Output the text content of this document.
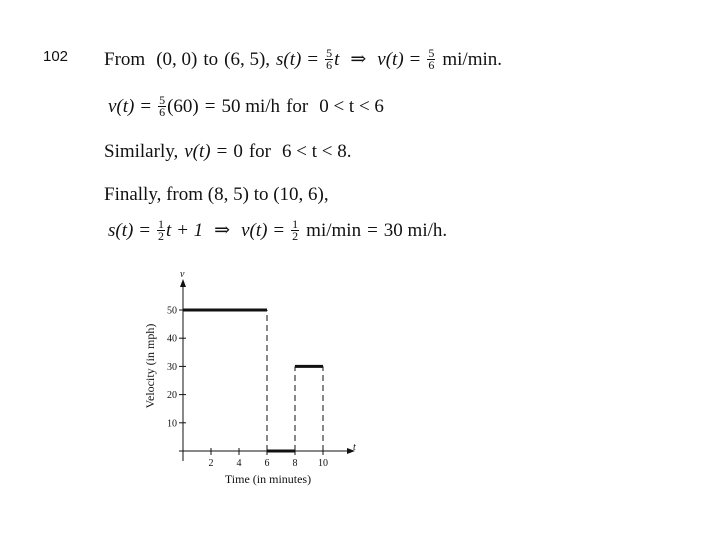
102 From (0, 0) to (6, 5), $s(t) = \frac{5}{6}$ t ⇒ $v(t) = \frac{5}{6} mi/\min$.
$v(t) = \frac{5}{6} (60) = 50$ mi/h for 0 < t < 6
Similarly, v(t) = 0 for 6 < t < 8.
Finally, from (8, 5) to (10, 6),
$s(t) = \frac{1}{2}$ t + 1 ⇒ $v(t) = \frac{1}{2} mi/\min = 30$ mi/h.
v
t
10
20
30
40
50
2 4 6 8 10
Time (in minutes)
Velocity (in mph)
